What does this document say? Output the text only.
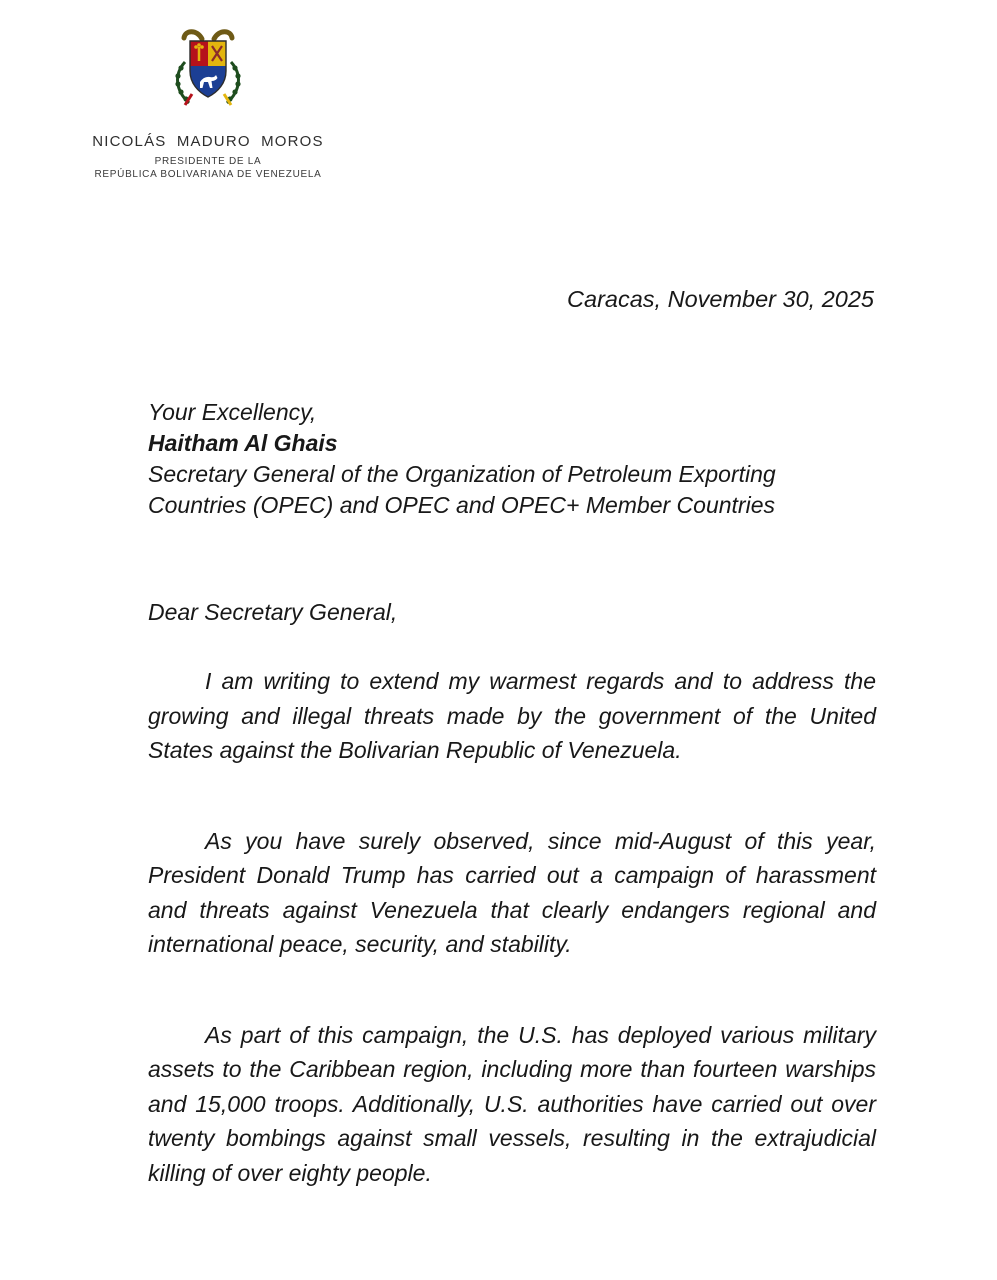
NICOLÁS MADURO MOROS
PRESIDENTE DE LA
REPÚBLICA BOLIVARIANA DE VENEZUELA
Caracas, November 30, 2025
Your Excellency,
Haitham Al Ghais
Secretary General of the Organization of Petroleum Exporting Countries (OPEC) and OPEC and OPEC+ Member Countries
Dear Secretary General,

I am writing to extend my warmest regards and to address the growing and illegal threats made by the government of the United States against the Bolivarian Republic of Venezuela.

As you have surely observed, since mid-August of this year, President Donald Trump has carried out a campaign of harassment and threats against Venezuela that clearly endangers regional and international peace, security, and stability.

As part of this campaign, the U.S. has deployed various military assets to the Caribbean region, including more than fourteen warships and 15,000 troops. Additionally, U.S. authorities have carried out over twenty bombings against small vessels, resulting in the extrajudicial killing of over eighty people.
